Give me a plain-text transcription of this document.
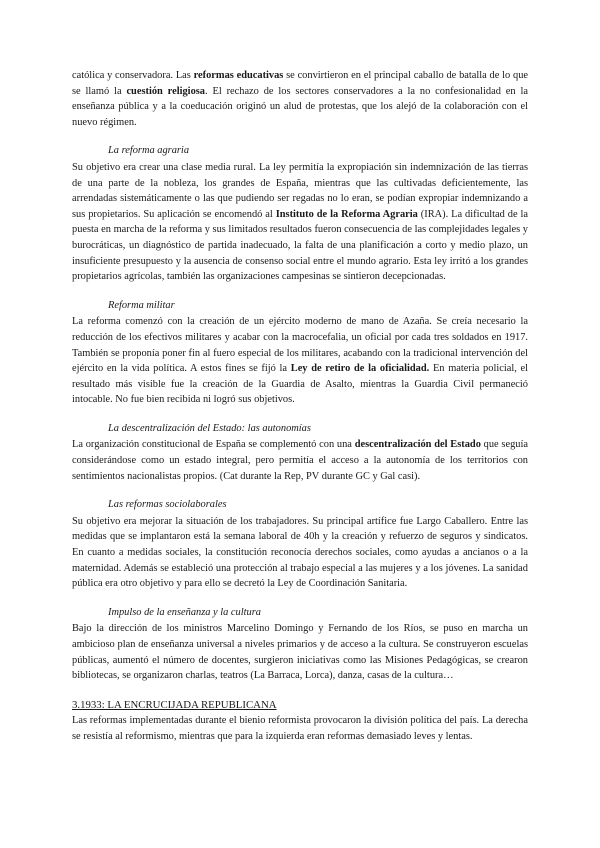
católica y conservadora. Las reformas educativas se convirtieron en el principal caballo de batalla de lo que se llamó la cuestión religiosa. El rechazo de los sectores conservadores a la no confesionalidad en la enseñanza pública y a la coeducación originó un alud de protestas, que los alejó de la colaboración con el nuevo régimen.

La reforma agraria

Su objetivo era crear una clase media rural. La ley permitía la expropiación sin indemnización de las tierras de una parte de la nobleza, los grandes de España, mientras que las cultivadas deficientemente, las arrendadas sistemáticamente o las que pudiendo ser regadas no lo eran, se podían expropiar indemnizando a sus propietarios. Su aplicación se encomendó al Instituto de la Reforma Agraria (IRA). La dificultad de la puesta en marcha de la reforma y sus limitados resultados fueron consecuencia de las complejidades legales y burocráticas, un diagnóstico de partida inadecuado, la falta de una planificación a corto y medio plazo, un insuficiente presupuesto y la ausencia de consenso social entre el mundo agrario. Esta ley irritó a los grandes propietarios agrícolas, también las organizaciones campesinas se sintieron decepcionadas.

Reforma militar

La reforma comenzó con la creación de un ejército moderno de mano de Azaña. Se creía necesario la reducción de los efectivos militares y acabar con la macrocefalia, un oficial por cada tres soldados en 1917. También se proponía poner fin al fuero especial de los militares, acabando con la tradicional intervención del ejército en la vida política. A estos fines se fijó la Ley de retiro de la oficialidad. En materia policial, el resultado más visible fue la creación de la Guardia de Asalto, mientras la Guardia Civil permaneció intocable. No fue bien recibida ni logró sus objetivos.

La descentralización del Estado: las autonomías

La organización constitucional de España se complementó con una descentralización del Estado que seguía considerándose como un estado integral, pero permitía el acceso a la autonomía de los territorios con sentimientos nacionalistas propios. (Cat durante la Rep, PV durante GC y Gal casi).

Las reformas sociolaborales

Su objetivo era mejorar la situación de los trabajadores. Su principal artífice fue Largo Caballero. Entre las medidas que se implantaron está la semana laboral de 40h y la creación y refuerzo de seguros y sindicatos. En cuanto a medidas sociales, la constitución reconocía derechos sociales, como ayudas a ancianos o a la maternidad. Además se estableció una protección al trabajo especial a las mujeres y a los jóvenes. La sanidad pública era otro objetivo y para ello se decretó la Ley de Coordinación Sanitaria.

Impulso de la enseñanza y la cultura

Bajo la dirección de los ministros Marcelino Domingo y Fernando de los Ríos, se puso en marcha un ambicioso plan de enseñanza universal a niveles primarios y de acceso a la cultura. Se construyeron escuelas públicas, aumentó el número de docentes, surgieron iniciativas como las Misiones Pedagógicas, se crearon bibliotecas, se organizaron charlas, teatros (La Barraca, Lorca), danza, casas de la cultura…

3.1933: LA ENCRUCIJADA REPUBLICANA

Las reformas implementadas durante el bienio reformista provocaron la división política del país. La derecha se resistía al reformismo, mientras que para la izquierda eran reformas demasiado leves y lentas.
